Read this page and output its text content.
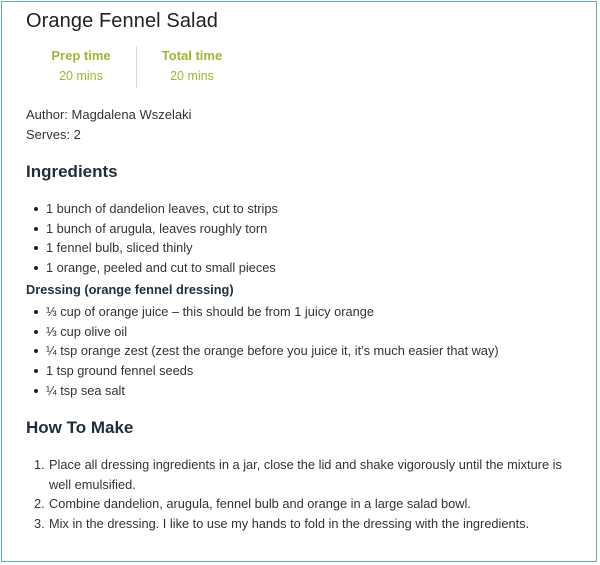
Orange Fennel Salad
Prep time
20 mins
Total time
20 mins
Author: Magdalena Wszelaki
Serves: 2
Ingredients
1 bunch of dandelion leaves, cut to strips
1 bunch of arugula, leaves roughly torn
1 fennel bulb, sliced thinly
1 orange, peeled and cut to small pieces
Dressing (orange fennel dressing)
⅓ cup of orange juice – this should be from 1 juicy orange
⅓ cup olive oil
¼ tsp orange zest (zest the orange before you juice it, it's much easier that way)
1 tsp ground fennel seeds
¼ tsp sea salt
How To Make
1. Place all dressing ingredients in a jar, close the lid and shake vigorously until the mixture is well emulsified.
2. Combine dandelion, arugula, fennel bulb and orange in a large salad bowl.
3. Mix in the dressing. I like to use my hands to fold in the dressing with the ingredients.
